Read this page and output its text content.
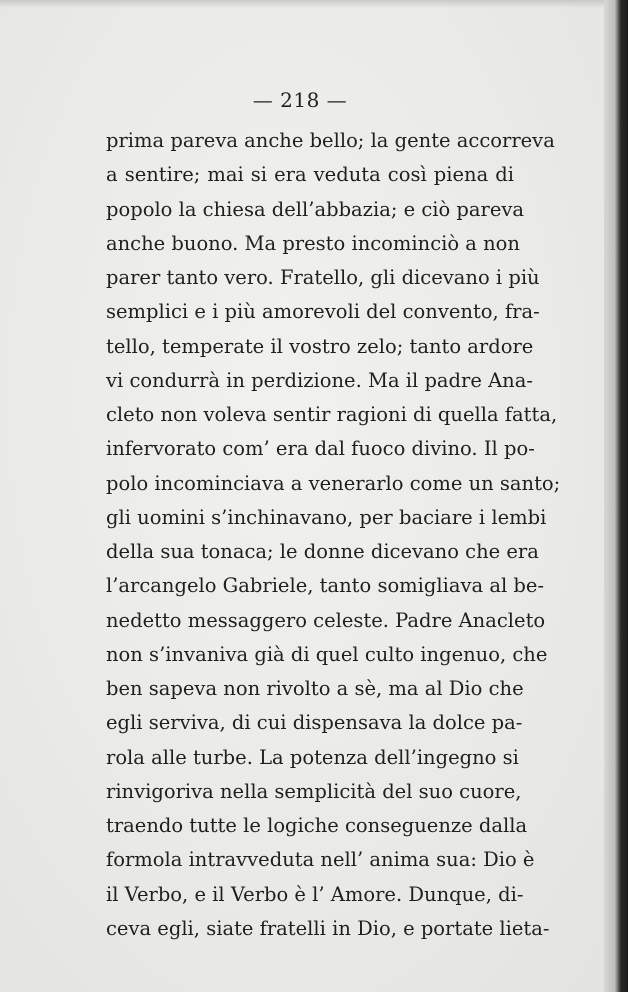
— 218 —
prima pareva anche bello; la gente accorreva
a sentire; mai si era veduta così piena di
popolo la chiesa dell’abbazia; e ciò pareva
anche buono. Ma presto incominciò a non
parer tanto vero. Fratello, gli dicevano i più
semplici e i più amorevoli del convento, fra-
tello, temperate il vostro zelo; tanto ardore
vi condurrà in perdizione. Ma il padre Ana-
cleto non voleva sentir ragioni di quella fatta,
infervorato com’ era dal fuoco divino. Il po-
polo incominciava a venerarlo come un santo;
gli uomini s’inchinavano, per baciare i lembi
della sua tonaca; le donne dicevano che era
l’arcangelo Gabriele, tanto somigliava al be-
nedetto messaggero celeste. Padre Anacleto
non s’invaniva già di quel culto ingenuo, che
ben sapeva non rivolto a sè, ma al Dio che
egli serviva, di cui dispensava la dolce pa-
rola alle turbe. La potenza dell’ingegno si
rinvigoriva nella semplicità del suo cuore,
traendo tutte le logiche conseguenze dalla
formola intravveduta nell’ anima sua: Dio è
il Verbo, e il Verbo è l’ Amore. Dunque, di-
ceva egli, siate fratelli in Dio, e portate lieta-
